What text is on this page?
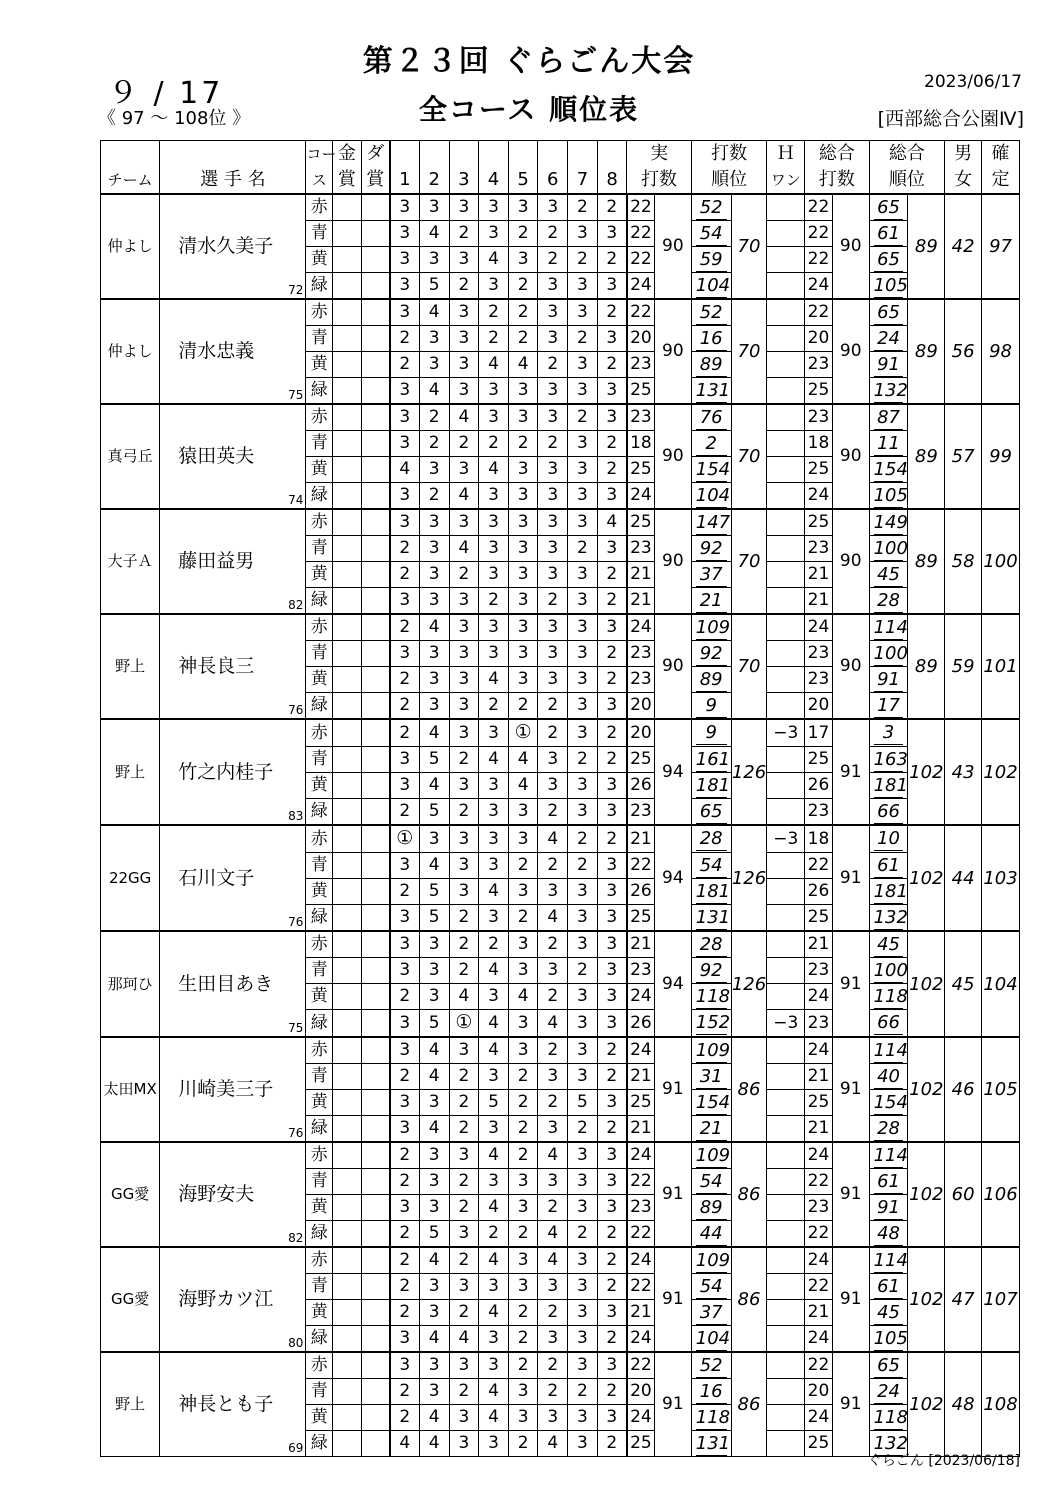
第２３回 ぐらごん大会
９ / 17
《 97 ～ 108位 》	全コース 順位表
2023/06/17
[西部総合公園Ⅳ]
		コー	金	ダ									実		打数		Ｈ	総合		総合		男	確
チーム	選 手 名	ス	賞	賞	1	2	3	4	5	6	7	8	打数		順位		ワン	打数		順位		女	定
仲よし	清水久美子
72	赤			3	3	3	3	3	3	2	2	22	90	52	70		22	90	65	89	42	97
		青			3	4	2	3	2	2	3	3	22		54			22		61			

		黄			3	3	3	4	3	2	2	2	22		59			22		65			

		緑			3	5	2	3	2	3	3	3	24		104			24		105			

仲よし	清水忠義
75	赤			3	4	3	2	2	3	3	2	22	90	52	70		22	90	65	89	56	98
		青			2	3	3	2	2	3	2	3	20		16			20		24			

		黄			2	3	3	4	4	2	3	2	23		89			23		91			

		緑			3	4	3	3	3	3	3	3	25		131			25		132			

真弓丘	猿田英夫
74	赤			3	2	4	3	3	3	2	3	23	90	76	70		23	90	87	89	57	99
		青			3	2	2	2	2	2	3	2	18		2			18		11			

		黄			4	3	3	4	3	3	3	2	25		154			25		154			

		緑			3	2	4	3	3	3	3	3	24		104			24		105			

大子Ａ	藤田益男
82	赤			3	3	3	3	3	3	3	4	25	90	147	70		25	90	149	89	58	100
		青			2	3	4	3	3	3	2	3	23		92			23		100			

		黄			2	3	2	3	3	3	3	2	21		37			21		45			

		緑			3	3	3	2	3	2	3	2	21		21			21		28			

野上	神長良三
76	赤			2	4	3	3	3	3	3	3	24	90	109	70		24	90	114	89	59	101
		青			3	3	3	3	3	3	3	2	23		92			23		100			

		黄			2	3	3	4	3	3	3	2	23		89			23		91			

		緑			2	3	3	2	2	2	3	3	20		9			20		17			

野上	竹之内桂子
83	赤			2	4	3	3	①	2	3	2	20	94	9	126	−3	17	91	3	102	43	102
		青			3	5	2	4	4	3	2	2	25		161			25		163			

		黄			3	4	3	3	4	3	3	3	26		181			26		181			

		緑			2	5	2	3	3	2	3	3	23		65			23		66			

22GG	石川文子
76	赤			①	3	3	3	3	4	2	2	21	94	28	126	−3	18	91	10	102	44	103
		青			3	4	3	3	2	2	2	3	22		54			22		61			

		黄			2	5	3	4	3	3	3	3	26		181			26		181			

		緑			3	5	2	3	2	4	3	3	25		131			25		132			

那珂ひ	生田目あき
75	赤			3	3	2	2	3	2	3	3	21	94	28	126		21	91	45	102	45	104
		青			3	3	2	4	3	3	2	3	23		92			23		100			

		黄			2	3	4	3	4	2	3	3	24		118			24		118			

		緑			3	5	①	4	3	4	3	3	26		152		−3	23		66			

太田MX	川崎美三子
76	赤			3	4	3	4	3	2	3	2	24	91	109	86		24	91	114	102	46	105
		青			2	4	2	3	2	3	3	2	21		31			21		40			

		黄			3	3	2	5	2	2	5	3	25		154			25		154			

		緑			3	4	2	3	2	3	2	2	21		21			21		28			

GG愛	海野安夫
82	赤			2	3	3	4	2	4	3	3	24	91	109	86		24	91	114	102	60	106
		青			2	3	2	3	3	3	3	3	22		54			22		61			

		黄			3	3	2	4	3	2	3	3	23		89			23		91			

		緑			2	5	3	2	2	4	2	2	22		44			22		48			

GG愛	海野カツ江
80	赤			2	4	2	4	3	4	3	2	24	91	109	86		24	91	114	102	47	107
		青			2	3	3	3	3	3	3	2	22		54			22		61			

		黄			2	3	2	4	2	2	3	3	21		37			21		45			

		緑			3	4	4	3	2	3	3	2	24		104			24		105			

野上	神長とも子
69	赤			3	3	3	3	2	2	3	3	22	91	52	86		22	91	65	102	48	108
		青			2	3	2	4	3	2	2	2	20		16			20		24			

		黄			2	4	3	4	3	3	3	3	24		118			24		118			

		緑			4	4	3	3	2	4	3	2	25		131			25		132			
ぐらごん [2023/06/18]
